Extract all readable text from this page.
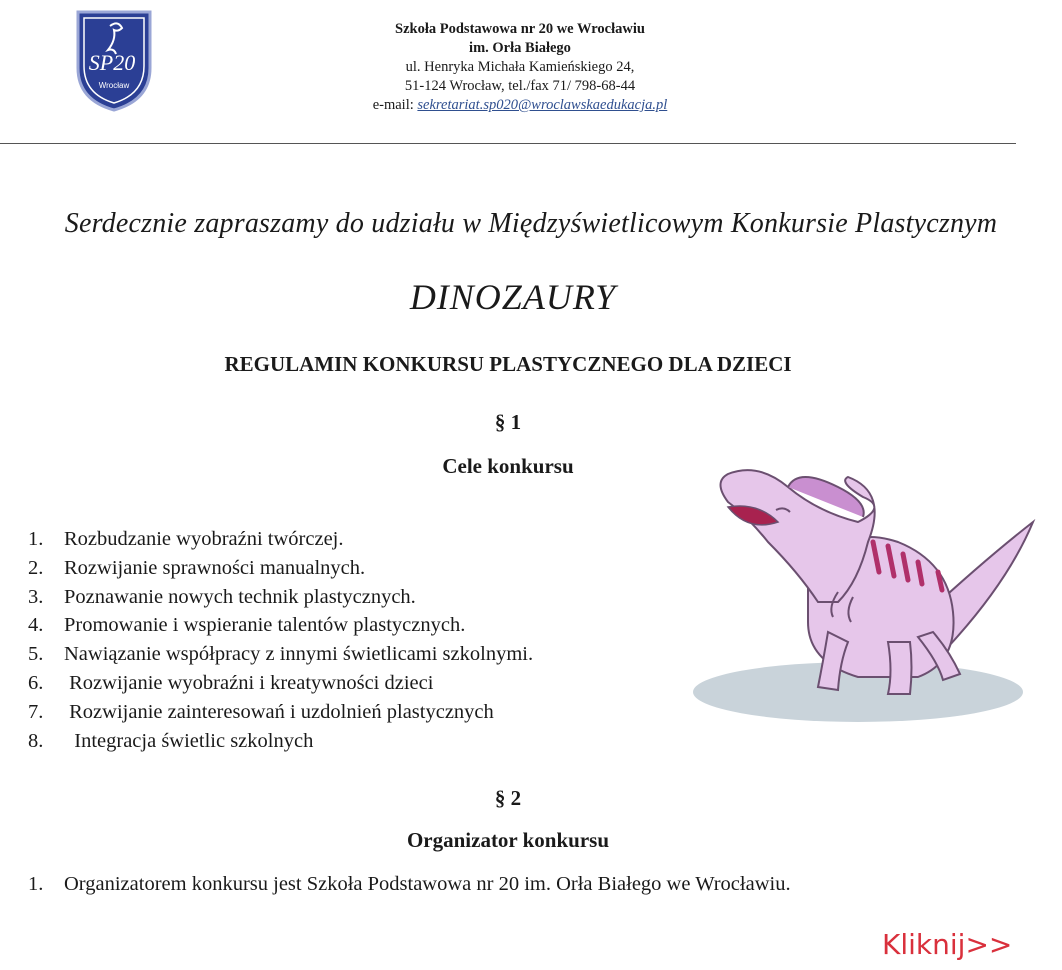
SP20
Wrocław
Szkoła Podstawowa nr 20 we Wrocławiu
im. Orła Białego
ul. Henryka Michała Kamieńskiego 24,
51-124 Wrocław, tel./fax 71/ 798-68-44
e-mail: sekretariat.sp020@wroclawskaedukacja.pl
Serdecznie zapraszamy do udziału w Międzyświetlicowym Konkursie Plastycznym
DINOZAURY
REGULAMIN KONKURSU PLASTYCZNEGO DLA DZIECI
§ 1
Cele konkursu
1.	Rozbudzanie wyobraźni twórczej.
2.	Rozwijanie sprawności manualnych.
3.	Poznawanie nowych technik plastycznych.
4.	Promowanie i wspieranie talentów plastycznych.
5.	Nawiązanie współpracy z innymi świetlicami szkolnymi.
6.	Rozwijanie wyobraźni i kreatywności dzieci
7.	Rozwijanie zainteresowań i uzdolnień plastycznych
8.	Integracja świetlic szkolnych
§ 2
Organizator konkursu
1.	Organizatorem konkursu jest Szkoła Podstawowa nr 20 im. Orła Białego we Wrocławiu.
Kliknij>>
